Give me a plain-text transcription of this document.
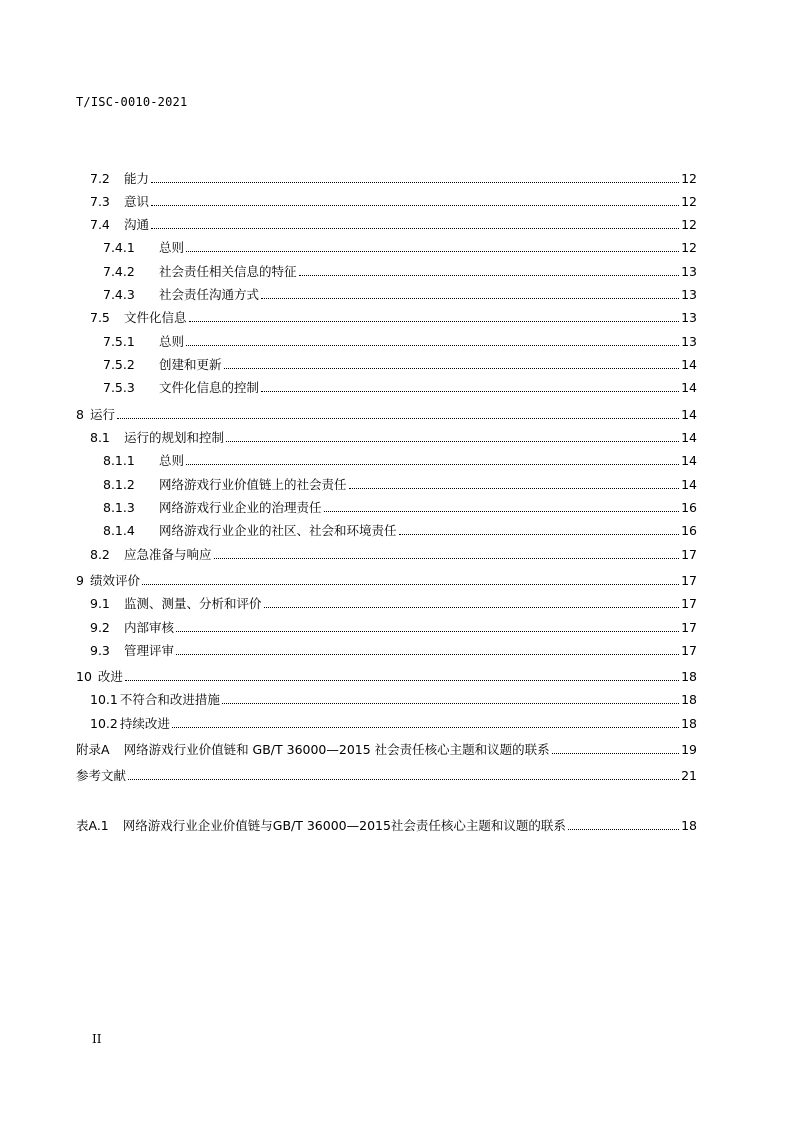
T/ISC-0010-2021
7.2	能力	12
7.3	意识	12
7.4	沟通	12
7.4.1	总则	12
7.4.2	社会责任相关信息的特征	13
7.4.3	社会责任沟通方式	13
7.5	文件化信息	13
7.5.1	总则	13
7.5.2	创建和更新	14
7.5.3	文件化信息的控制	14
8 运行	14
8.1	运行的规划和控制	14
8.1.1	总则	14
8.1.2	网络游戏行业价值链上的社会责任	14
8.1.3	网络游戏行业企业的治理责任	16
8.1.4	网络游戏行业企业的社区、社会和环境责任	16
8.2	应急准备与响应	17
9 绩效评价	17
9.1	监测、测量、分析和评价	17
9.2	内部审核	17
9.3	管理评审	17
10 改进	18
10.1 不符合和改进措施	18
10.2 持续改进	18
附录A	网络游戏行业价值链和 GB/T 36000—2015 社会责任核心主题和议题的联系	19
参考文献	21
表A.1	网络游戏行业企业价值链与GB/T 36000—2015社会责任核心主题和议题的联系	18
II
